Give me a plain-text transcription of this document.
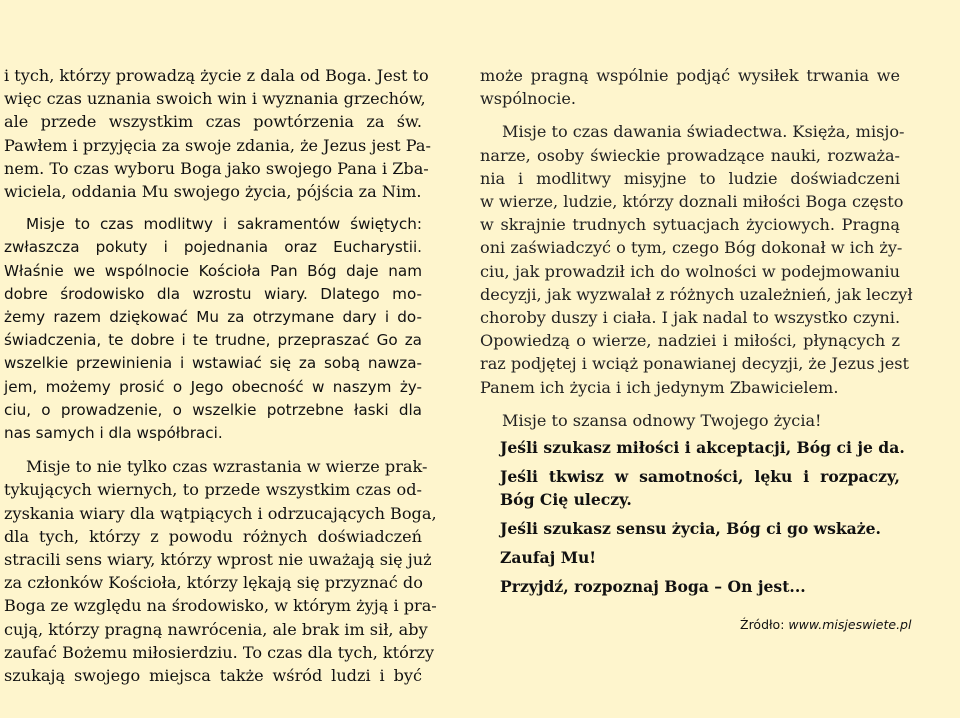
i tych, którzy prowadzą życie z dala od Boga. Jest to
więc czas uznania swoich win i wyznania grzechów,
ale przede wszystkim czas powtórzenia za św.
Pawłem i przyjęcia za swoje zdania, że Jezus jest Pa-
nem. To czas wyboru Boga jako swojego Pana i Zba-
wiciela, oddania Mu swojego życia, pójścia za Nim.
Misje to czas modlitwy i sakramentów świętych:
zwłaszcza pokuty i pojednania oraz Eucharystii.
Właśnie we wspólnocie Kościoła Pan Bóg daje nam
dobre środowisko dla wzrostu wiary. Dlatego mo-
żemy razem dziękować Mu za otrzymane dary i do-
świadczenia, te dobre i te trudne, przepraszać Go za
wszelkie przewinienia i wstawiać się za sobą nawza-
jem, możemy prosić o Jego obecność w naszym ży-
ciu, o prowadzenie, o wszelkie potrzebne łaski dla
nas samych i dla współbraci.
Misje to nie tylko czas wzrastania w wierze prak-
tykujących wiernych, to przede wszystkim czas od-
zyskania wiary dla wątpiących i odrzucających Boga,
dla tych, którzy z powodu różnych doświadczeń
stracili sens wiary, którzy wprost nie uważają się już
za członków Kościoła, którzy lękają się przyznać do
Boga ze względu na środowisko, w którym żyją i pra-
cują, którzy pragną nawrócenia, ale brak im sił, aby
zaufać Bożemu miłosierdziu. To czas dla tych, którzy
szukają swojego miejsca także wśród ludzi i być
może pragną wspólnie podjąć wysiłek trwania we
wspólnocie.
Misje to czas dawania świadectwa. Księża, misjo-
narze, osoby świeckie prowadzące nauki, rozważa-
nia i modlitwy misyjne to ludzie doświadczeni
w wierze, ludzie, którzy doznali miłości Boga często
w skrajnie trudnych sytuacjach życiowych. Pragną
oni zaświadczyć o tym, czego Bóg dokonał w ich ży-
ciu, jak prowadził ich do wolności w podejmowaniu
decyzji, jak wyzwalał z różnych uzależnień, jak leczył
choroby duszy i ciała. I jak nadal to wszystko czyni.
Opowiedzą o wierze, nadziei i miłości, płynących z
raz podjętej i wciąż ponawianej decyzji, że Jezus jest
Panem ich życia i ich jedynym Zbawicielem.
Misje to szansa odnowy Twojego życia!
Jeśli szukasz miłości i akceptacji, Bóg ci je da.
Jeśli tkwisz w samotności, lęku i rozpaczy,
Bóg Cię uleczy.
Jeśli szukasz sensu życia, Bóg ci go wskaże.
Zaufaj Mu!
Przyjdź, rozpoznaj Boga – On jest...
Źródło: www.misjeswiete.pl
